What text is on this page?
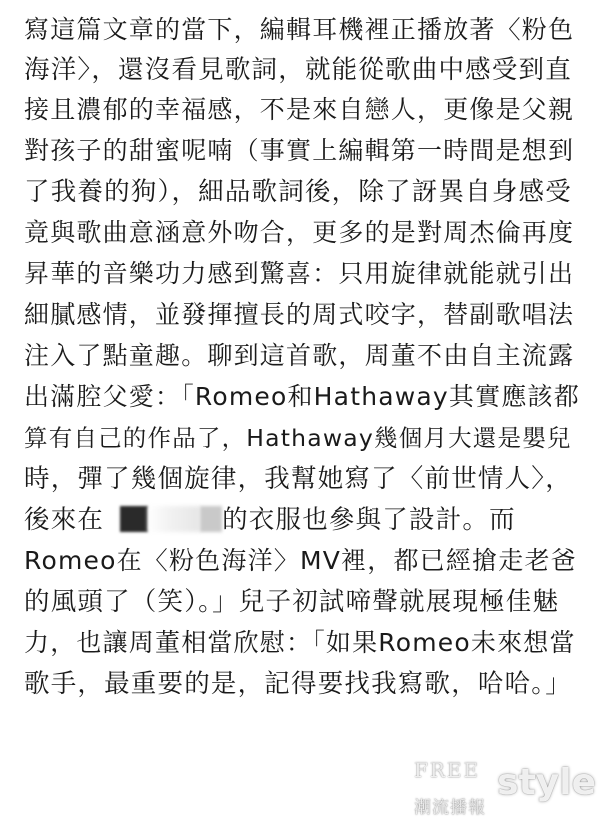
寫這篇文章的當下，編輯耳機裡正播放著〈粉色
海洋〉，還沒看見歌詞，就能從歌曲中感受到直
接且濃郁的幸福感，不是來自戀人，更像是父親
對孩子的甜蜜呢喃（事實上編輯第一時間是想到
了我養的狗），細品歌詞後，除了訝異自身感受
竟與歌曲意涵意外吻合，更多的是對周杰倫再度
昇華的音樂功力感到驚喜：只用旋律就能就引出
細膩感情，並發揮擅長的周式咬字，替副歌唱法
注入了點童趣。聊到這首歌，周董不由自主流露
出滿腔父愛：「Romeo和Hathaway其實應該都
算有自己的作品了，Hathaway幾個月大還是嬰兒
時，彈了幾個旋律，我幫她寫了〈前世情人〉，
後來在	的衣服也參與了設計。而
Romeo在〈粉色海洋〉MV裡，都已經搶走老爸
的風頭了（笑）。」兒子初試啼聲就展現極佳魅
力，也讓周董相當欣慰：「如果Romeo未來想當
歌手，最重要的是，記得要找我寫歌，哈哈。」
FREE style
潮流播報
